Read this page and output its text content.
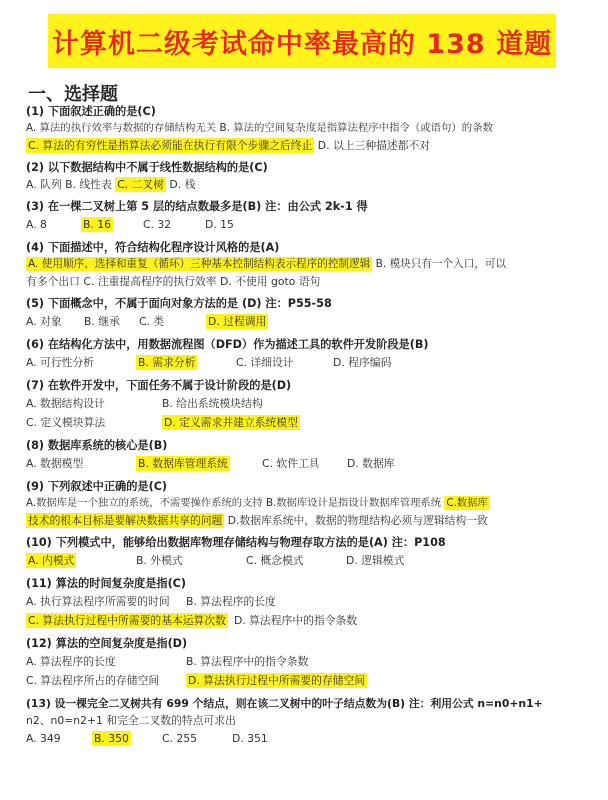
计算机二级考试命中率最高的 138 道题
一、选择题
(1) 下面叙述正确的是(C)
A. 算法的执行效率与数据的存储结构无关 B. 算法的空间复杂度是指算法程序中指令（或语句）的条数
C. 算法的有穷性是指算法必须能在执行有限个步骤之后终止 D. 以上三种描述都不对
(2) 以下数据结构中不属于线性数据结构的是(C)
A. 队列 B. 线性表 C. 二叉树 D. 栈
(3) 在一棵二叉树上第 5 层的结点数最多是(B) 注：由公式 2k-1 得
A. 8	B. 16	C. 32	D. 15
(4) 下面描述中，符合结构化程序设计风格的是(A)
A. 使用顺序、选择和重复（循环）三种基本控制结构表示程序的控制逻辑 B. 模块只有一个入口，可以
有多个出口 C. 注重提高程序的执行效率 D. 不使用 goto 语句
(5) 下面概念中，不属于面向对象方法的是 (D) 注：P55-58
A. 对象	B. 继承	C. 类	D. 过程调用
(6) 在结构化方法中，用数据流程图（DFD）作为描述工具的软件开发阶段是(B)
A. 可行性分析	B. 需求分析	C. 详细设计	D. 程序编码
(7) 在软件开发中，下面任务不属于设计阶段的是(D)
A. 数据结构设计	B. 给出系统模块结构
C. 定义模块算法	D. 定义需求并建立系统模型
(8) 数据库系统的核心是(B)
A. 数据模型	B. 数据库管理系统	C. 软件工具	D. 数据库
(9) 下列叙述中正确的是(C)
A.数据库是一个独立的系统，不需要操作系统的支持 B.数据库设计是指设计数据库管理系统 C.数据库
技术的根本目标是要解决数据共享的问题 D.数据库系统中，数据的物理结构必须与逻辑结构一致
(10) 下列模式中，能够给出数据库物理存储结构与物理存取方法的是(A) 注：P108
A. 内模式	B. 外模式	C. 概念模式	D. 逻辑模式
(11) 算法的时间复杂度是指(C)
A. 执行算法程序所需要的时间	B. 算法程序的长度
C. 算法执行过程中所需要的基本运算次数 D. 算法程序中的指令条数
(12) 算法的空间复杂度是指(D)
A. 算法程序的长度	B. 算法程序中的指令条数
C. 算法程序所占的存储空间	D. 算法执行过程中所需要的存储空间
(13) 设一棵完全二叉树共有 699 个结点，则在该二叉树中的叶子结点数为(B) 注：利用公式 n=n0+n1+
n2、n0=n2+1 和完全二叉数的特点可求出
A. 349	B. 350	C. 255	D. 351
